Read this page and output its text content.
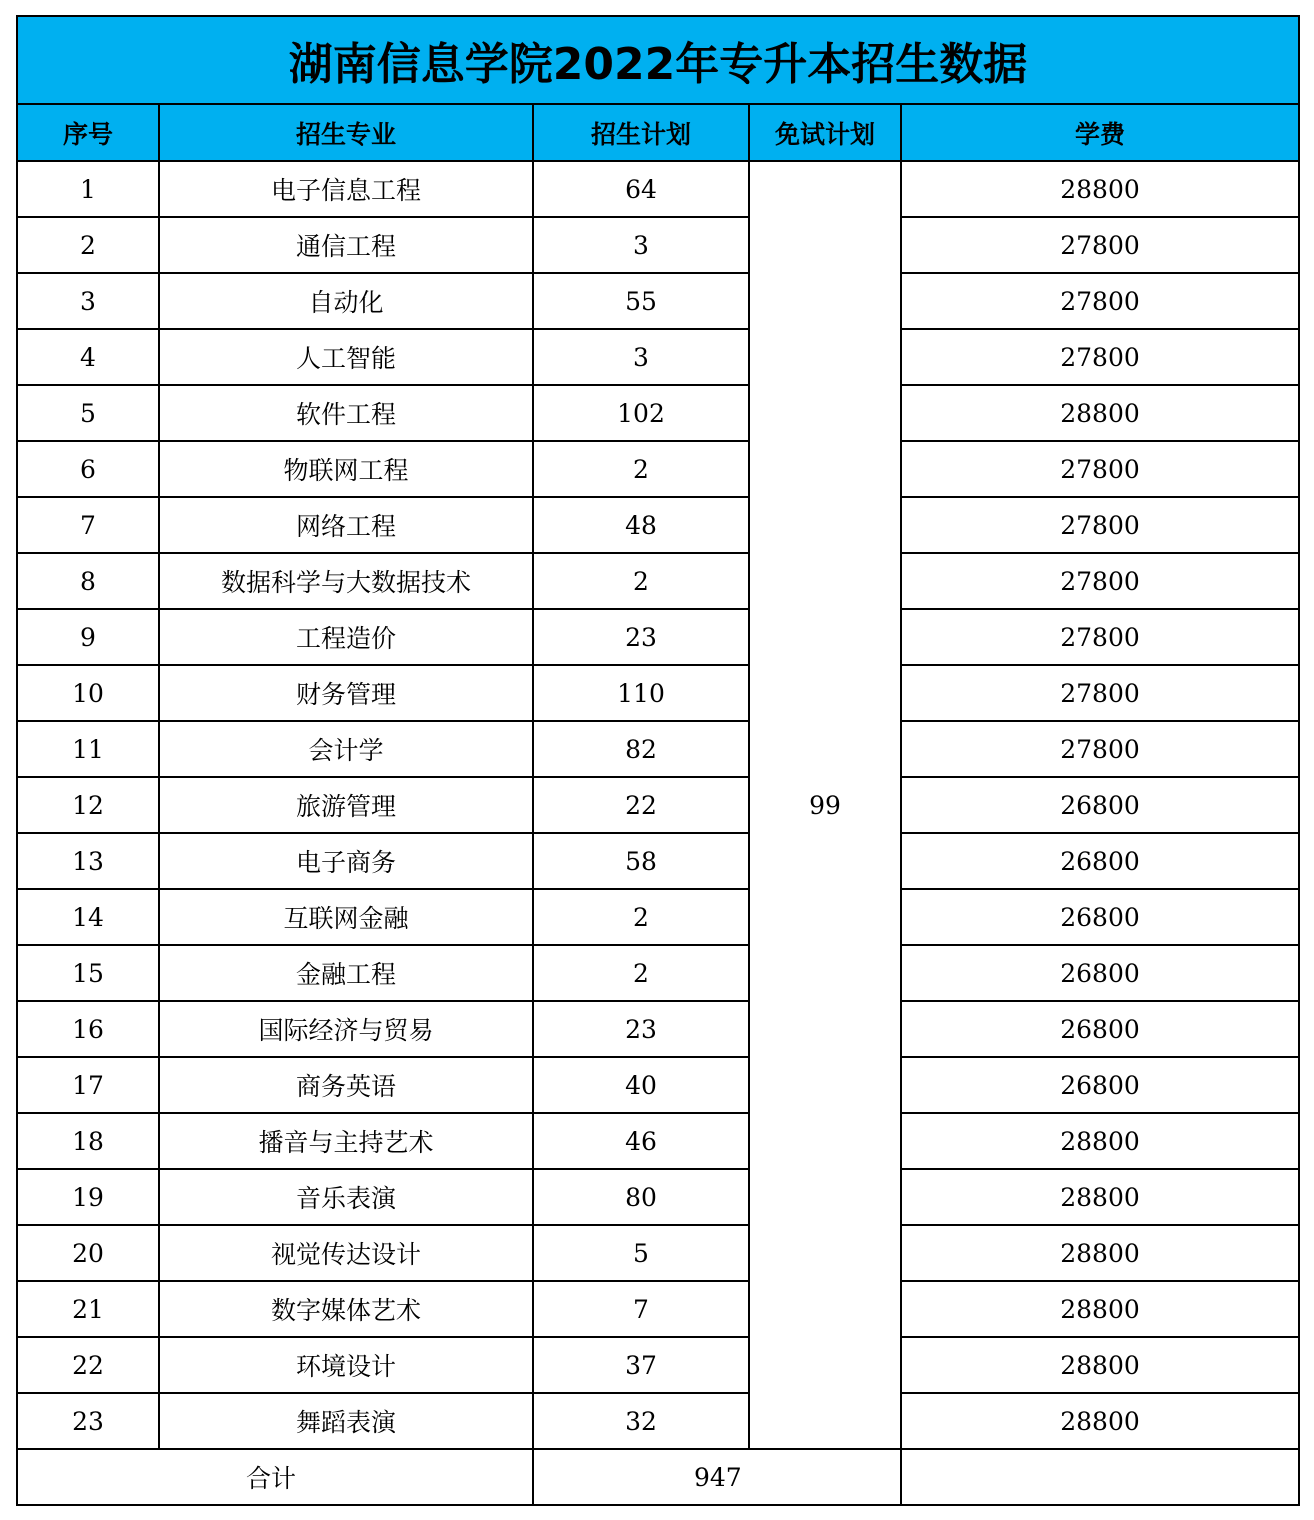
湖南信息学院2022年专升本招生数据				
序号	招生专业	招生计划	免试计划	学费
1	电子信息工程	64	99	28800
2	通信工程	3		27800
3	自动化	55		27800
4	人工智能	3		27800
5	软件工程	102		28800
6	物联网工程	2		27800
7	网络工程	48		27800
8	数据科学与大数据技术	2		27800
9	工程造价	23		27800
10	财务管理	110		27800
11	会计学	82		27800
12	旅游管理	22		26800
13	电子商务	58		26800
14	互联网金融	2		26800
15	金融工程	2		26800
16	国际经济与贸易	23		26800
17	商务英语	40		26800
18	播音与主持艺术	46		28800
19	音乐表演	80		28800
20	视觉传达设计	5		28800
21	数字媒体艺术	7		28800
22	环境设计	37		28800
23	舞蹈表演	32		28800
合计		947		
